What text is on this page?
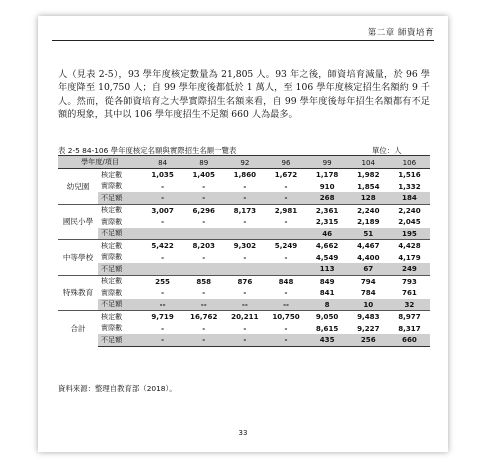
第二章 師資培育

人（見表 2-5），93 學年度核定數量為 21,805 人。93 年之後，師資培育減量，於 96 學年度降至 10,750 人；自 99 學年度後都低於 1 萬人，至 106 學年度核定招生名額約 9 千人。然而，從各師資培育之大學實際招生名額來看，自 99 學年度後每年招生名額都有不足額的現象，其中以 106 學年度招生不足額 660 人為最多。

表 2-5 84-106 學年度核定名額與實際招生名額一覽表	單位：人
學年度/項目		84	89	92	96	99	104	106
幼兒園	核定數	1,035	1,405	1,860	1,672	1,178	1,982	1,516
	實際數	-	-	-	-	910	1,854	1,332
	不足額	-	-	-	-	268	128	184
國民小學	核定數	3,007	6,296	8,173	2,981	2,361	2,240	2,240
	實際數	-	-	-	-	2,315	2,189	2,045
	不足額					46	51	195
中等學校	核定數	5,422	8,203	9,302	5,249	4,662	4,467	4,428
	實際數	-	-	-	-	4,549	4,400	4,179
	不足額					113	67	249
特殊教育	核定數	255	858	876	848	849	794	793
	實際數	-	-	-	-	841	784	761
	不足額	--	--	--	--	8	10	32
合計	核定數	9,719	16,762	20,211	10,750	9,050	9,483	8,977
	實際數	-	-	-	-	8,615	9,227	8,317
	不足額	-	-	-	-	435	256	660
資料來源：整理自教育部（2018）。
33
